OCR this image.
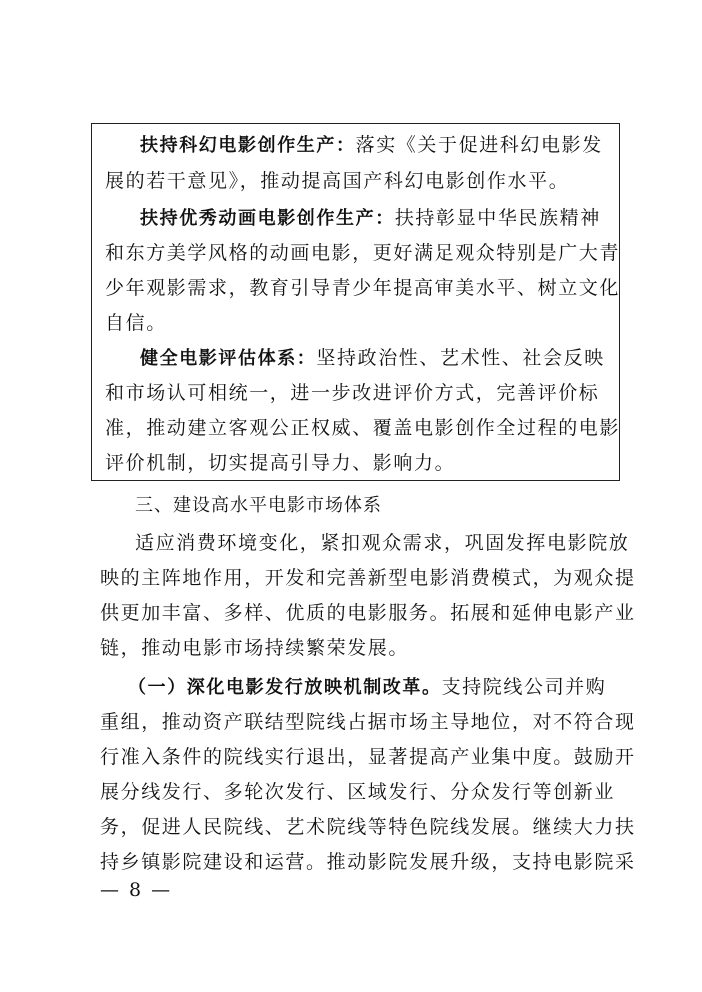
扶持科幻电影创作生产：落实《关于促进科幻电影发
展的若干意见》，推动提高国产科幻电影创作水平。
扶持优秀动画电影创作生产：扶持彰显中华民族精神
和东方美学风格的动画电影，更好满足观众特别是广大青
少年观影需求，教育引导青少年提高审美水平、树立文化
自信。
健全电影评估体系：坚持政治性、艺术性、社会反映
和市场认可相统一，进一步改进评价方式，完善评价标
准，推动建立客观公正权威、覆盖电影创作全过程的电影
评价机制，切实提高引导力、影响力。
三、建设高水平电影市场体系
适应消费环境变化，紧扣观众需求，巩固发挥电影院放
映的主阵地作用，开发和完善新型电影消费模式，为观众提
供更加丰富、多样、优质的电影服务。拓展和延伸电影产业
链，推动电影市场持续繁荣发展。
（一）深化电影发行放映机制改革。支持院线公司并购
重组，推动资产联结型院线占据市场主导地位，对不符合现
行准入条件的院线实行退出，显著提高产业集中度。鼓励开
展分线发行、多轮次发行、区域发行、分众发行等创新业
务，促进人民院线、艺术院线等特色院线发展。继续大力扶
持乡镇影院建设和运营。推动影院发展升级，支持电影院采
— 8 —
